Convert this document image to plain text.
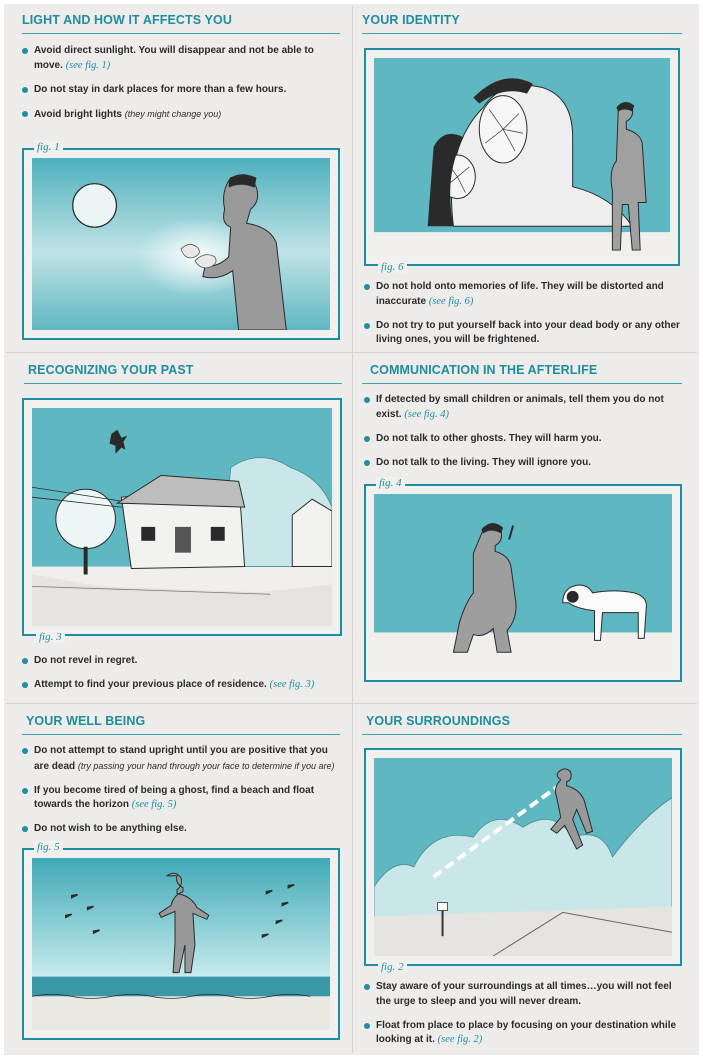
LIGHT AND HOW IT AFFECTS YOU
Avoid direct sunlight. You will disappear and not be able to move. (see fig. 1)
Do not stay in dark places for more than a few hours.
Avoid bright lights (they might change you)
fig. 1
YOUR IDENTITY
fig. 6
Do not hold onto memories of life. They will be distorted and inaccurate (see fig. 6)
Do not try to put yourself back into your dead body or any other living ones, you will be frightened.
RECOGNIZING YOUR PAST
fig. 3
Do not revel in regret.
Attempt to find your previous place of residence. (see fig. 3)
COMMUNICATION IN THE AFTERLIFE
If detected by small children or animals, tell them you do not exist. (see fig. 4)
Do not talk to other ghosts. They will harm you.
Do not talk to the living. They will ignore you.
fig. 4
YOUR WELL BEING
Do not attempt to stand upright until you are positive that you are dead (try passing your hand through your face to determine if you are)
If you become tired of being a ghost, find a beach and float towards the horizon (see fig. 5)
Do not wish to be anything else.
fig. 5
YOUR SURROUNDINGS
fig. 2
Stay aware of your surroundings at all times…you will not feel the urge to sleep and you will never dream.
Float from place to place by focusing on your destination while looking at it. (see fig. 2)
